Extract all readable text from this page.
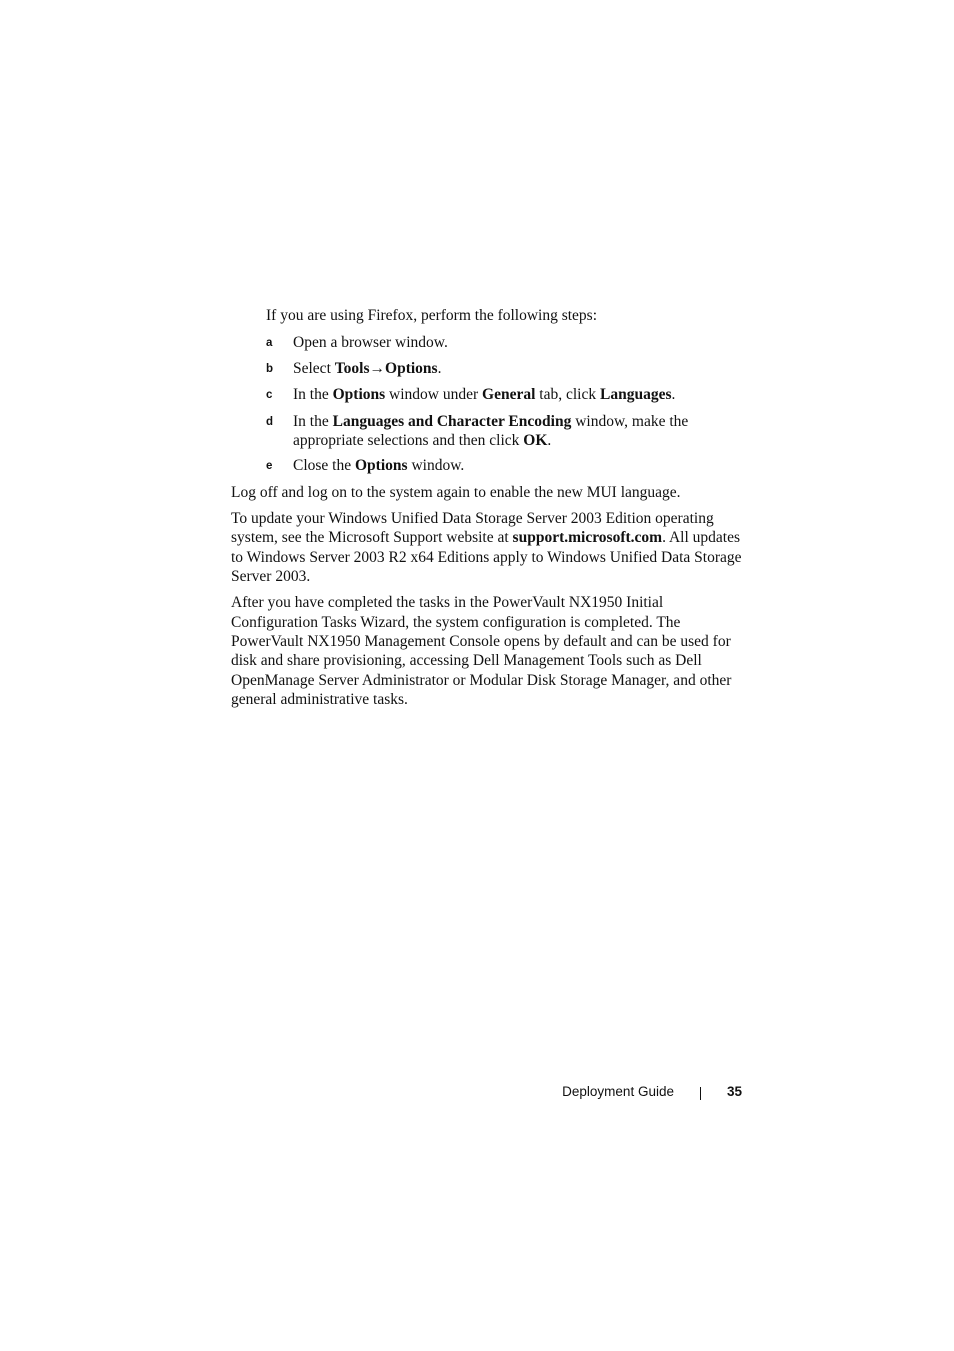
If you are using Firefox, perform the following steps:

a	Open a browser window.
b	Select Tools→Options.
c	In the Options window under General tab, click Languages.
d	In the Languages and Character Encoding window, make the appropriate selections and then click OK.
e	Close the Options window.

Log off and log on to the system again to enable the new MUI language.

To update your Windows Unified Data Storage Server 2003 Edition operating system, see the Microsoft Support website at support.microsoft.com. All updates to Windows Server 2003 R2 x64 Editions apply to Windows Unified Data Storage Server 2003.

After you have completed the tasks in the PowerVault NX1950 Initial Configuration Tasks Wizard, the system configuration is completed. The PowerVault NX1950 Management Console opens by default and can be used for disk and share provisioning, accessing Dell Management Tools such as Dell OpenManage Server Administrator or Modular Disk Storage Manager, and other general administrative tasks.

Deployment Guide	35
